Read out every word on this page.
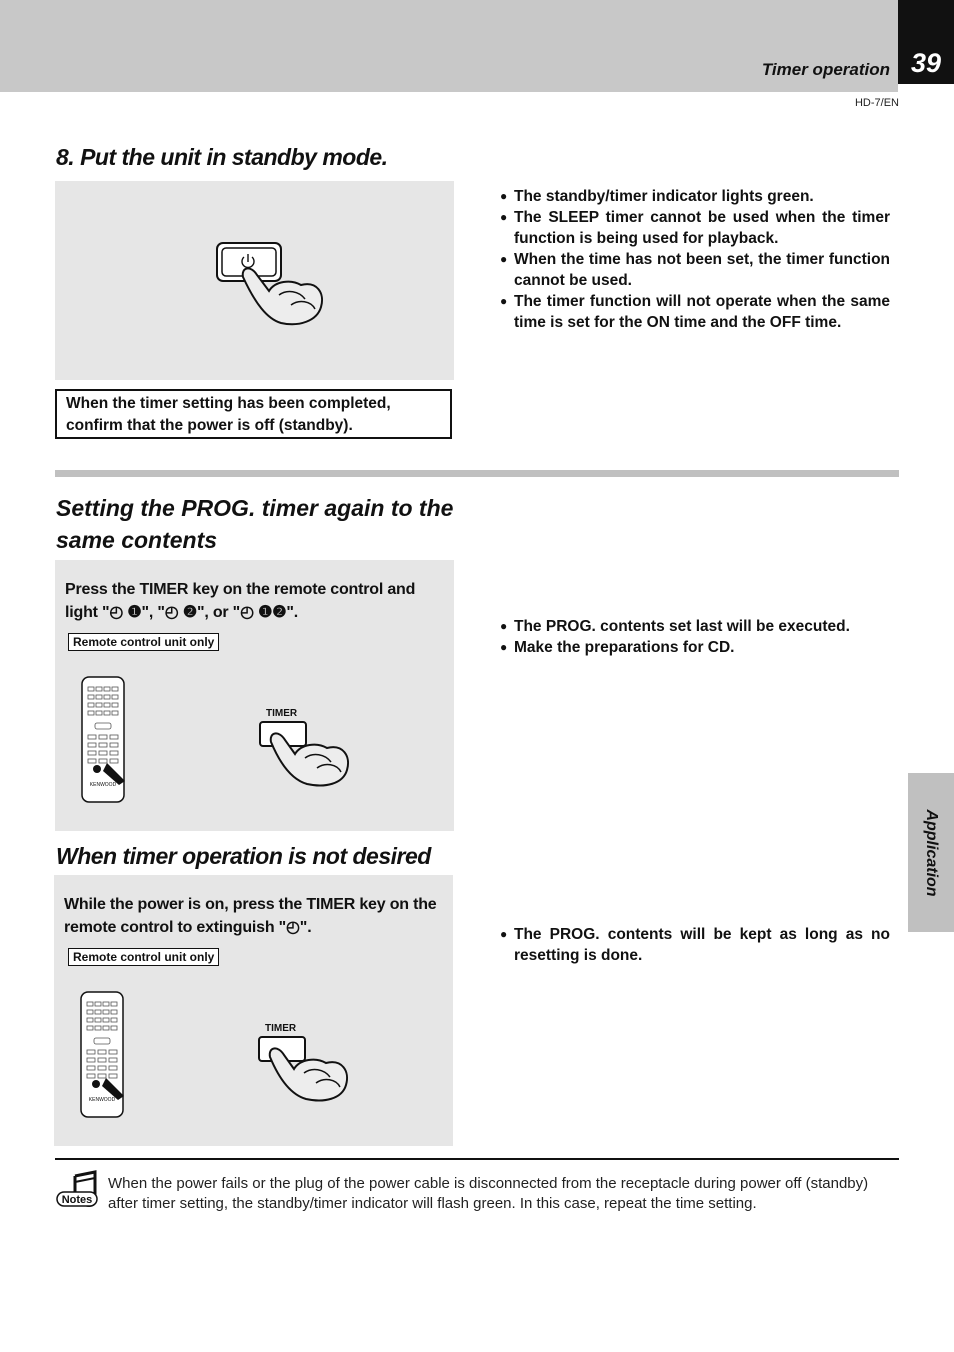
Timer operation 39
HD-7/EN
8. Put the unit in standby mode.
When the timer setting has been completed, confirm that the power is off (standby).
● The standby/timer indicator lights green.
● The SLEEP timer cannot be used when the timer function is being used for playback.
● When the time has not been set, the timer function cannot be used.
● The timer function will not operate when the same time is set for the ON time and the OFF time.
Setting the PROG. timer again to the same contents
Press the TIMER key on the remote control and light "◴ ❶", "◴ ❷", or "◴ ❶❷".
Remote control unit only
KENWOOD
TIMER
● The PROG. contents set last will be executed.
● Make the preparations for CD.
When timer operation is not desired
While the power is on, press the TIMER key on the remote control to extinguish "◴".
Remote control unit only
KENWOOD
TIMER
● The PROG. contents will be kept as long as no resetting is done.
Application
Notes
When the power fails or the plug of the power cable is disconnected from the receptacle during power off (standby) after timer setting, the standby/timer indicator will flash green. In this case, repeat the time setting.
